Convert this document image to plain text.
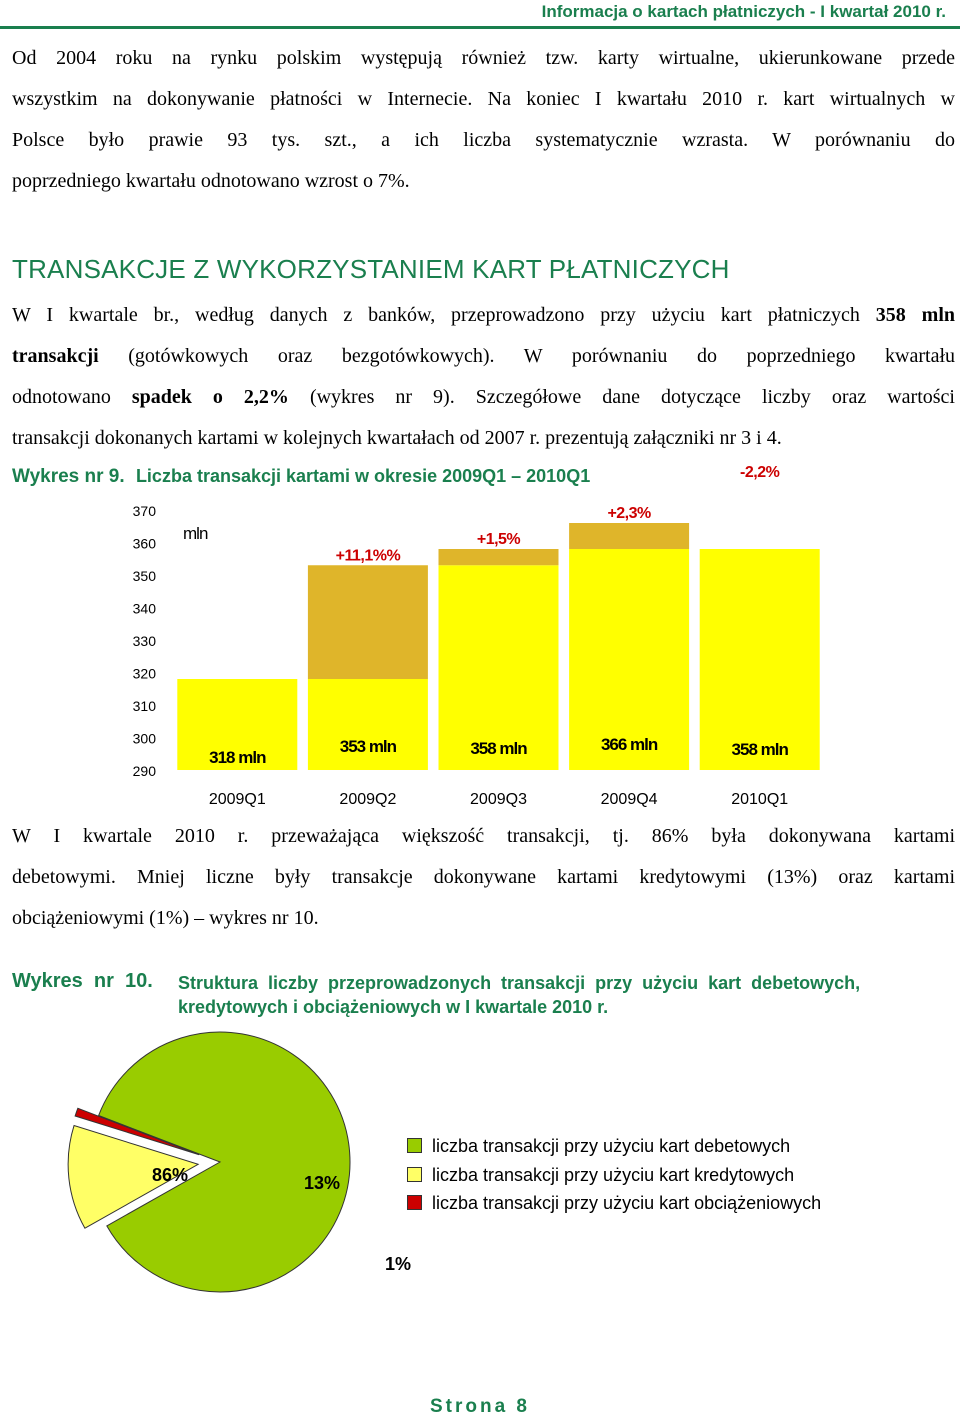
Informacja o kartach płatniczych - I kwartał 2010 r.
Od 2004 roku na rynku polskim występują również tzw. karty wirtualne, ukierunkowane przede
wszystkim na dokonywanie płatności w Internecie. Na koniec I kwartału 2010 r. kart wirtualnych w
Polsce było prawie 93 tys. szt., a ich liczba systematycznie wzrasta. W porównaniu do
poprzedniego kwartału odnotowano wzrost o 7%.
TRANSAKCJE Z WYKORZYSTANIEM KART PŁATNICZYCH
W I kwartale br., według danych z banków, przeprowadzono przy użyciu kart płatniczych 358 mln
transakcji (gotówkowych oraz bezgotówkowych). W porównaniu do poprzedniego kwartału
odnotowano spadek o 2,2% (wykres nr 9). Szczegółowe dane dotyczące liczby oraz wartości
transakcji dokonanych kartami w kolejnych kwartałach od 2007 r. prezentują załączniki nr 3 i 4.
Wykres nr 9. Liczba transakcji kartami w okresie 2009Q1 – 2010Q1
290
300
310
320
330
340
350
360
370
mln
318 mln
2009Q1
353 mln
2009Q2
+11,1%%
358 mln
2009Q3
+1,5%
366 mln
2009Q4
+2,3%
358 mln
2010Q1
-2,2%
W I kwartale 2010 r. przeważająca większość transakcji, tj. 86% była dokonywana kartami
debetowymi. Mniej liczne były transakcje dokonywane kartami kredytowymi (13%) oraz kartami
obciążeniowymi (1%) – wykres nr 10.
Wykres  nr  10. Struktura  liczby  przeprowadzonych  transakcji  przy  użyciu  kart  debetowych,
kredytowych i obciążeniowych w I kwartale 2010 r.
86%	13%
1%
liczba transakcji przy użyciu kart debetowych
liczba transakcji przy użyciu kart kredytowych
liczba transakcji przy użyciu kart obciążeniowych
Strona 8
